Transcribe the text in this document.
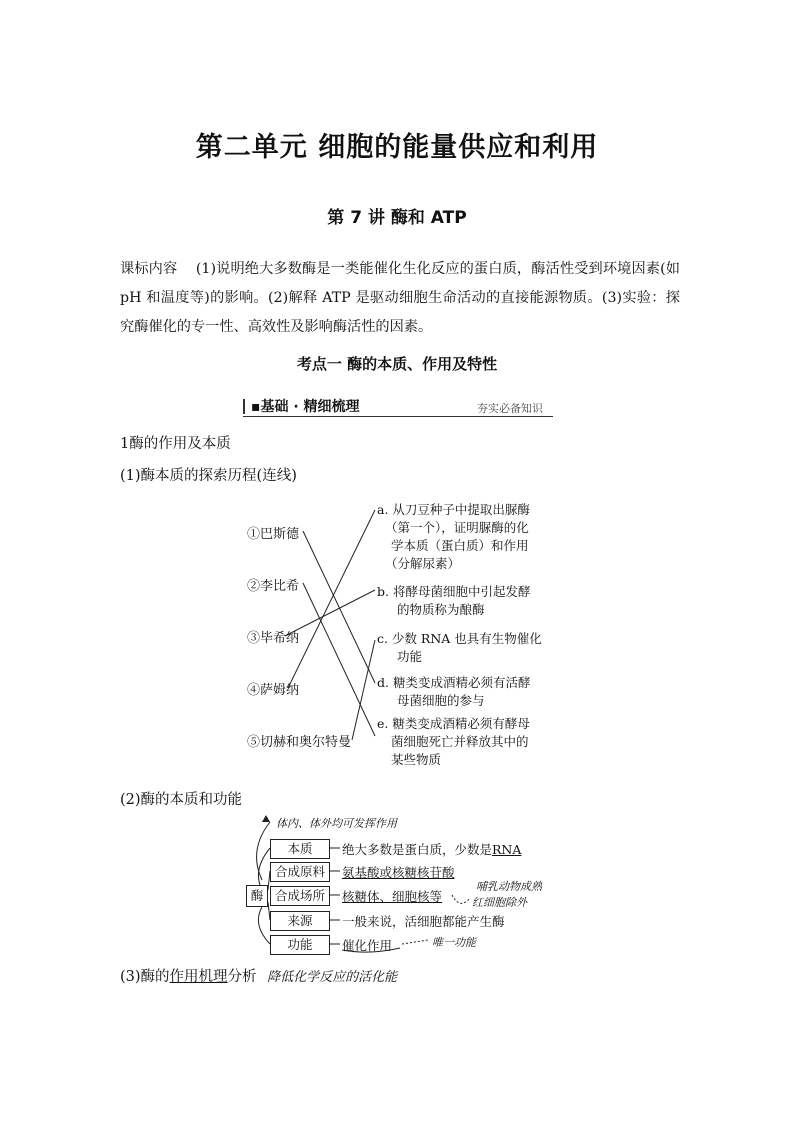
第二单元 细胞的能量供应和利用
第 7 讲 酶和 ATP
课标内容 (1)说明绝大多数酶是一类能催化生化反应的蛋白质，酶活性受到环境因素(如 pH 和温度等)的影响。(2)解释 ATP 是驱动细胞生命活动的直接能源物质。(3)实验：探究酶催化的专一性、高效性及影响酶活性的因素。
考点一 酶的本质、作用及特性
▪基础 · 精细梳理	夯实必备知识
1酶的作用及本质
(1)酶本质的探索历程(连线)
①巴斯德
②李比希
③毕希纳
④萨姆纳
⑤切赫和奥尔特曼
a. 从刀豆种子中提取出脲酶
（第一个），证明脲酶的化
学本质（蛋白质）和作用
（分解尿素）
b. 将酵母菌细胞中引起发酵
的物质称为酿酶
c. 少数 RNA 也具有生物催化
功能
d. 糖类变成酒精必须有活酵
母菌细胞的参与
e. 糖类变成酒精必须有酵母
菌细胞死亡并释放其中的
某些物质
(2)酶的本质和功能
体内、体外均可发挥作用
酶
本质
合成原料
合成场所
来源
功能
绝大多数是蛋白质，少数是RNA
氨基酸或核糖核苷酸
核糖体、细胞核等
一般来说，活细胞都能产生酶
催化作用
哺乳动物成熟
红细胞除外
唯一功能
(3)酶的作用机理分析 降低化学反应的活化能
